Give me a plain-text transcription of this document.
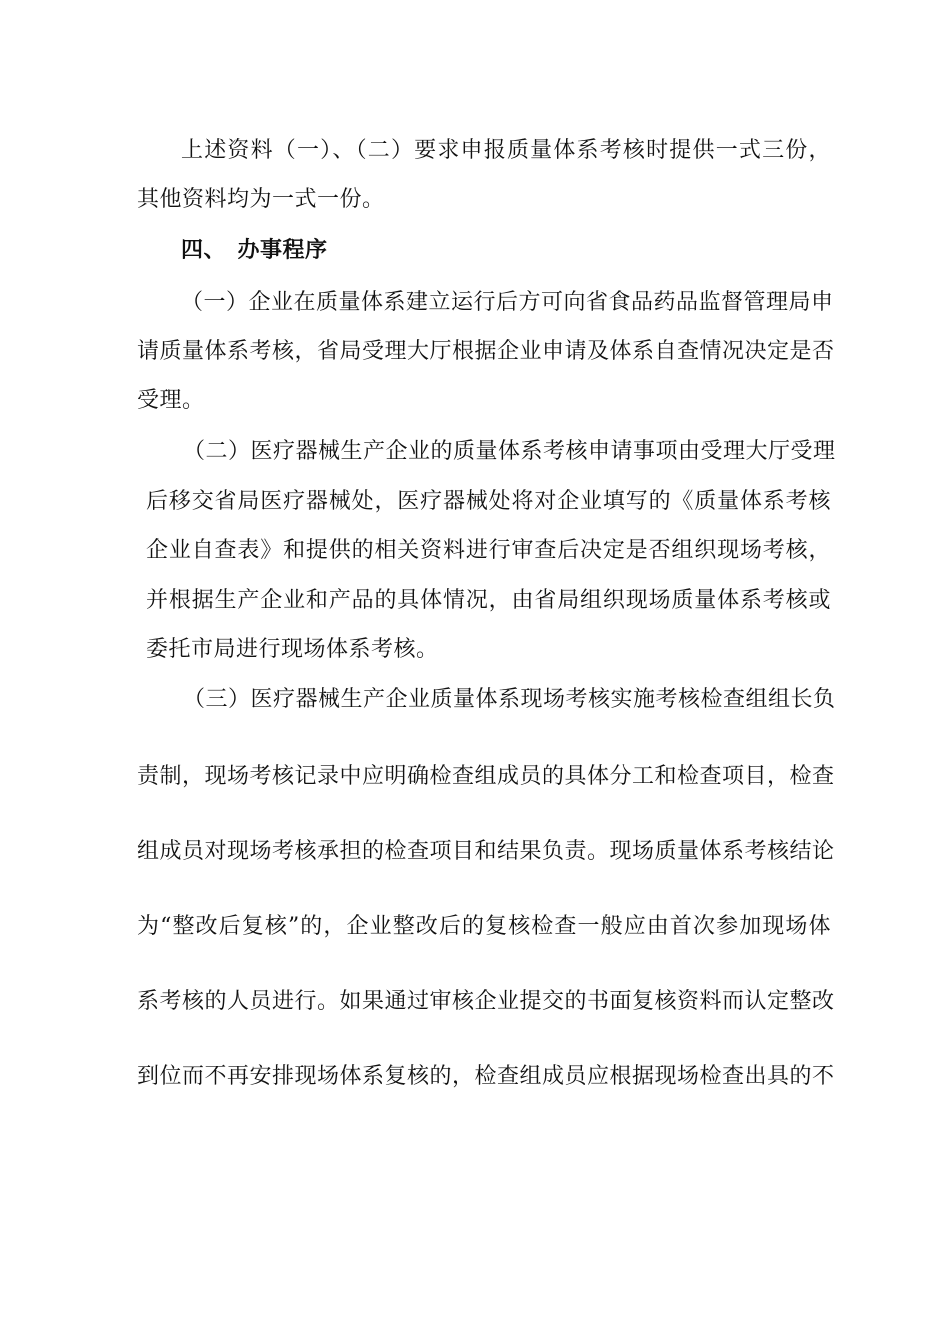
上述资料（一）、（二）要求申报质量体系考核时提供一式三份，
其他资料均为一式一份。
四、　办事程序
（一）企业在质量体系建立运行后方可向省食品药品监督管理局申
请质量体系考核，省局受理大厅根据企业申请及体系自查情况决定是否
受理。
（二）医疗器械生产企业的质量体系考核申请事项由受理大厅受理
后移交省局医疗器械处，医疗器械处将对企业填写的《质量体系考核
企业自查表》和提供的相关资料进行审查后决定是否组织现场考核，
并根据生产企业和产品的具体情况，由省局组织现场质量体系考核或
委托市局进行现场体系考核。
（三）医疗器械生产企业质量体系现场考核实施考核检查组组长负
责制，现场考核记录中应明确检查组成员的具体分工和检查项目，检查
组成员对现场考核承担的检查项目和结果负责。现场质量体系考核结论
为“整改后复核”的，企业整改后的复核检查一般应由首次参加现场体
系考核的人员进行。如果通过审核企业提交的书面复核资料而认定整改
到位而不再安排现场体系复核的，检查组成员应根据现场检查出具的不
